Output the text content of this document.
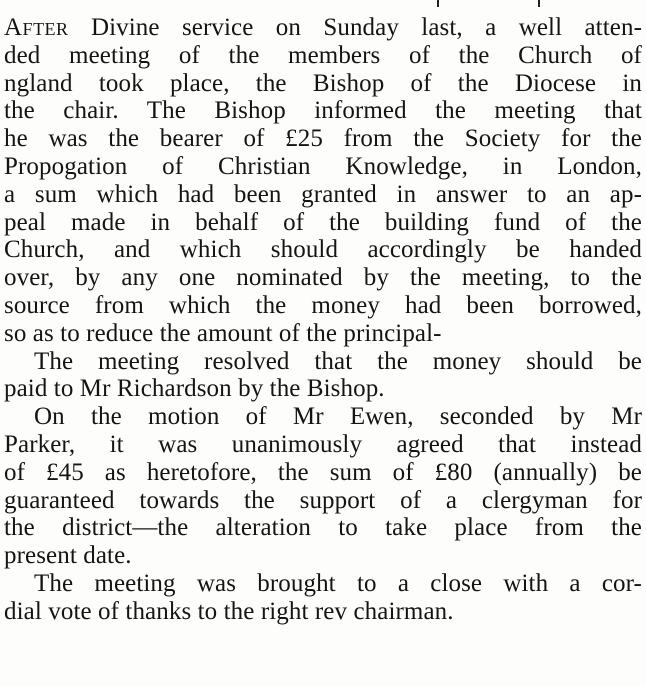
After Divine service on Sunday last, a well atten-
ded meeting of the members of the Church of
ngland took place, the Bishop of the Diocese in
the chair. The Bishop informed the meeting that
he was the bearer of £25 from the Society for the
Propogation of Christian Knowledge, in London,
a sum which had been granted in answer to an ap-
peal made in behalf of the building fund of the
Church, and which should accordingly be handed
over, by any one nominated by the meeting, to the
source from which the money had been borrowed,
so as to reduce the amount of the principal-
The meeting resolved that the money should be
paid to Mr Richardson by the Bishop.
On the motion of Mr Ewen, seconded by Mr
Parker, it was unanimously agreed that instead
of £45 as heretofore, the sum of £80 (annually) be
guaranteed towards the support of a clergyman for
the district—the alteration to take place from the
present date.
The meeting was brought to a close with a cor-
dial vote of thanks to the right rev chairman.
